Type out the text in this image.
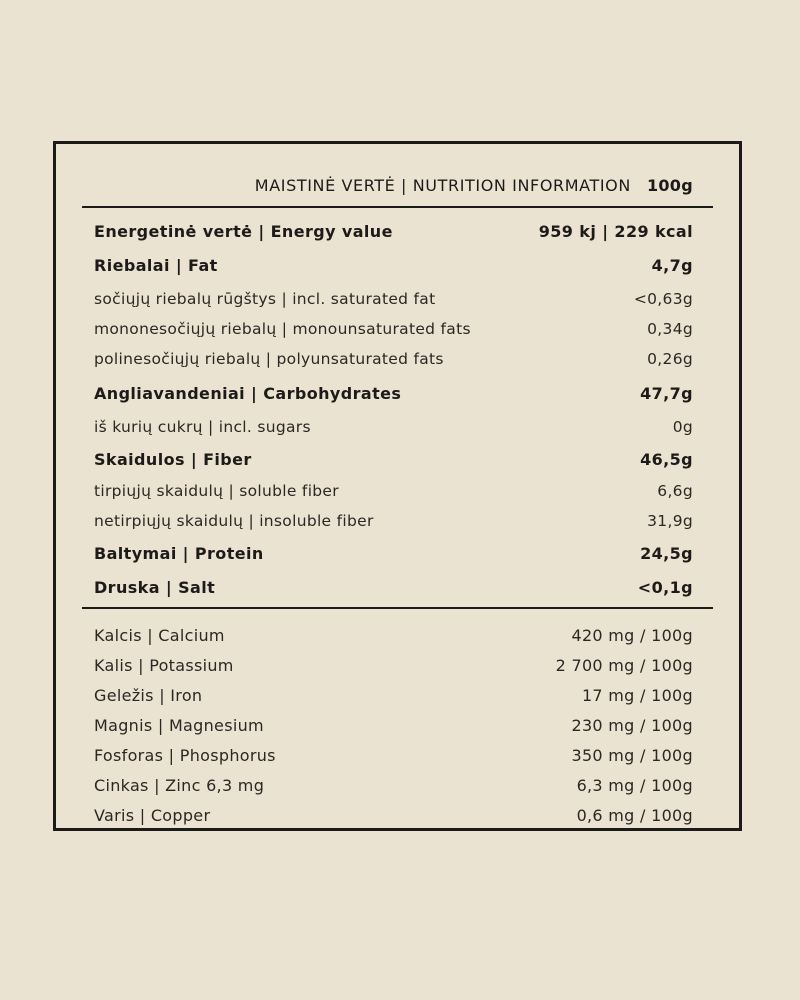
MAISTINĖ VERTĖ | NUTRITION INFORMATION 100g
Energetinė vertė | Energy value	959 kj | 229 kcal
Riebalai | Fat	4,7g
sočiųjų riebalų rūgštys | incl. saturated fat	<0,63g
mononesočiųjų riebalų | monounsaturated fats	0,34g
polinesočiųjų riebalų | polyunsaturated fats	0,26g
Angliavandeniai | Carbohydrates	47,7g
iš kurių cukrų | incl. sugars	0g
Skaidulos | Fiber	46,5g
tirpiųjų skaidulų | soluble fiber	6,6g
netirpiųjų skaidulų | insoluble fiber	31,9g
Baltymai | Protein	24,5g
Druska | Salt	<0,1g
Kalcis | Calcium	420 mg / 100g
Kalis | Potassium	2 700 mg / 100g
Geležis | Iron	17 mg / 100g
Magnis | Magnesium	230 mg / 100g
Fosforas | Phosphorus	350 mg / 100g
Cinkas | Zinc 6,3 mg	6,3 mg / 100g
Varis | Copper	0,6 mg / 100g
